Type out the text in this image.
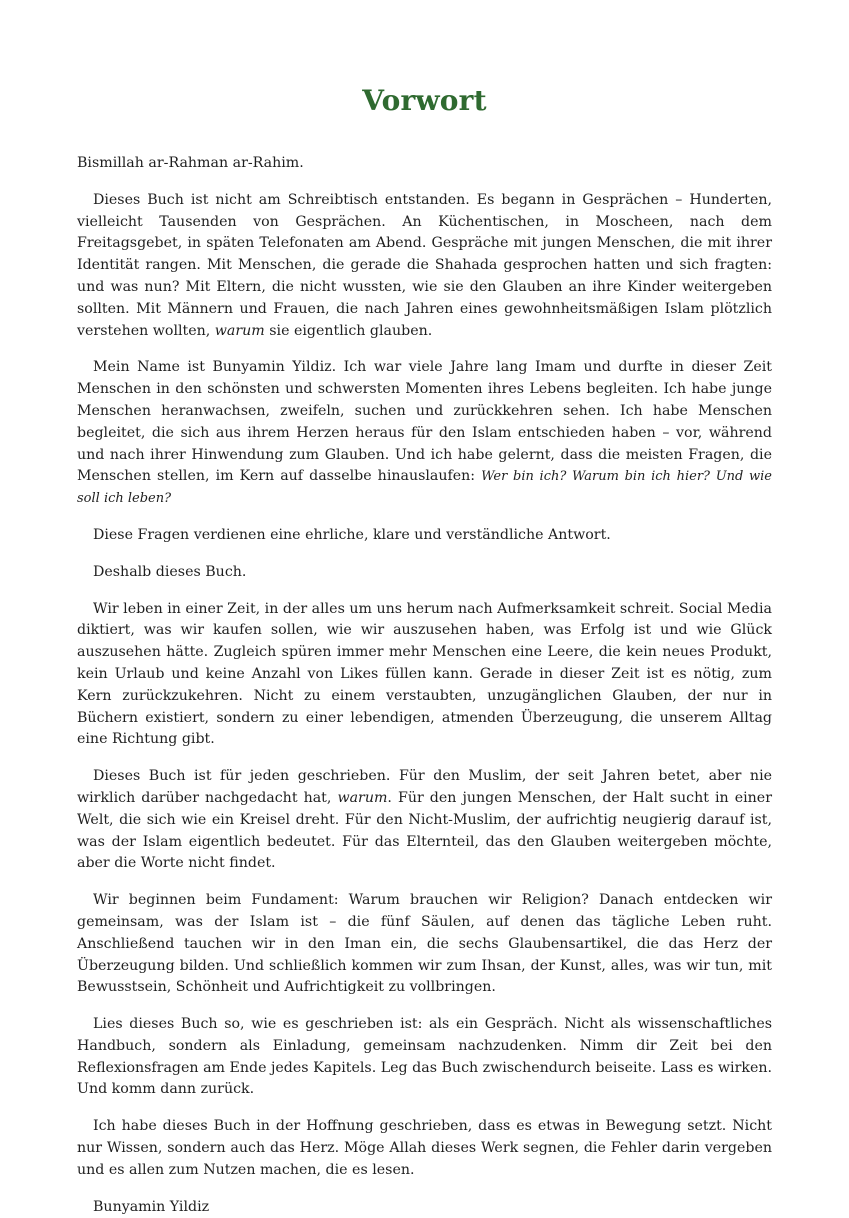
Vorwort

Bismillah ar-Rahman ar-Rahim.

Dieses Buch ist nicht am Schreibtisch entstanden. Es begann in Gesprächen – Hunderten, vielleicht Tausenden von Gesprächen. An Küchentischen, in Moscheen, nach dem Freitagsgebet, in späten Telefonaten am Abend. Gespräche mit jungen Menschen, die mit ihrer Identität rangen. Mit Menschen, die gerade die Shahada gesprochen hatten und sich fragten: und was nun? Mit Eltern, die nicht wussten, wie sie den Glauben an ihre Kinder weitergeben sollten. Mit Männern und Frauen, die nach Jahren eines gewohnheitsmäßigen Islam plötzlich verstehen wollten, warum sie eigentlich glauben.

Mein Name ist Bunyamin Yildiz. Ich war viele Jahre lang Imam und durfte in dieser Zeit Menschen in den schönsten und schwersten Momenten ihres Lebens begleiten. Ich habe junge Menschen heranwachsen, zweifeln, suchen und zurückkehren sehen. Ich habe Menschen begleitet, die sich aus ihrem Herzen heraus für den Islam entschieden haben – vor, während und nach ihrer Hinwendung zum Glauben. Und ich habe gelernt, dass die meisten Fragen, die Menschen stellen, im Kern auf dasselbe hinauslaufen: Wer bin ich? Warum bin ich hier? Und wie soll ich leben?

Diese Fragen verdienen eine ehrliche, klare und verständliche Antwort.

Deshalb dieses Buch.

Wir leben in einer Zeit, in der alles um uns herum nach Aufmerksamkeit schreit. Social Media diktiert, was wir kaufen sollen, wie wir auszusehen haben, was Erfolg ist und wie Glück auszusehen hätte. Zugleich spüren immer mehr Menschen eine Leere, die kein neues Produkt, kein Urlaub und keine Anzahl von Likes füllen kann. Gerade in dieser Zeit ist es nötig, zum Kern zurückzukehren. Nicht zu einem verstaubten, unzugänglichen Glauben, der nur in Büchern existiert, sondern zu einer lebendigen, atmenden Überzeugung, die unserem Alltag eine Richtung gibt.

Dieses Buch ist für jeden geschrieben. Für den Muslim, der seit Jahren betet, aber nie wirklich darüber nachgedacht hat, warum. Für den jungen Menschen, der Halt sucht in einer Welt, die sich wie ein Kreisel dreht. Für den Nicht-Muslim, der aufrichtig neugierig darauf ist, was der Islam eigentlich bedeutet. Für das Elternteil, das den Glauben weitergeben möchte, aber die Worte nicht findet.

Wir beginnen beim Fundament: Warum brauchen wir Religion? Danach entdecken wir gemeinsam, was der Islam ist – die fünf Säulen, auf denen das tägliche Leben ruht. Anschließend tauchen wir in den Iman ein, die sechs Glaubensartikel, die das Herz der Überzeugung bilden. Und schließlich kommen wir zum Ihsan, der Kunst, alles, was wir tun, mit Bewusstsein, Schönheit und Aufrichtigkeit zu vollbringen.

Lies dieses Buch so, wie es geschrieben ist: als ein Gespräch. Nicht als wissenschaftliches Handbuch, sondern als Einladung, gemeinsam nachzudenken. Nimm dir Zeit bei den Reflexionsfragen am Ende jedes Kapitels. Leg das Buch zwischendurch beiseite. Lass es wirken. Und komm dann zurück.

Ich habe dieses Buch in der Hoffnung geschrieben, dass es etwas in Bewegung setzt. Nicht nur Wissen, sondern auch das Herz. Möge Allah dieses Werk segnen, die Fehler darin vergeben und es allen zum Nutzen machen, die es lesen.

Bunyamin Yildiz
